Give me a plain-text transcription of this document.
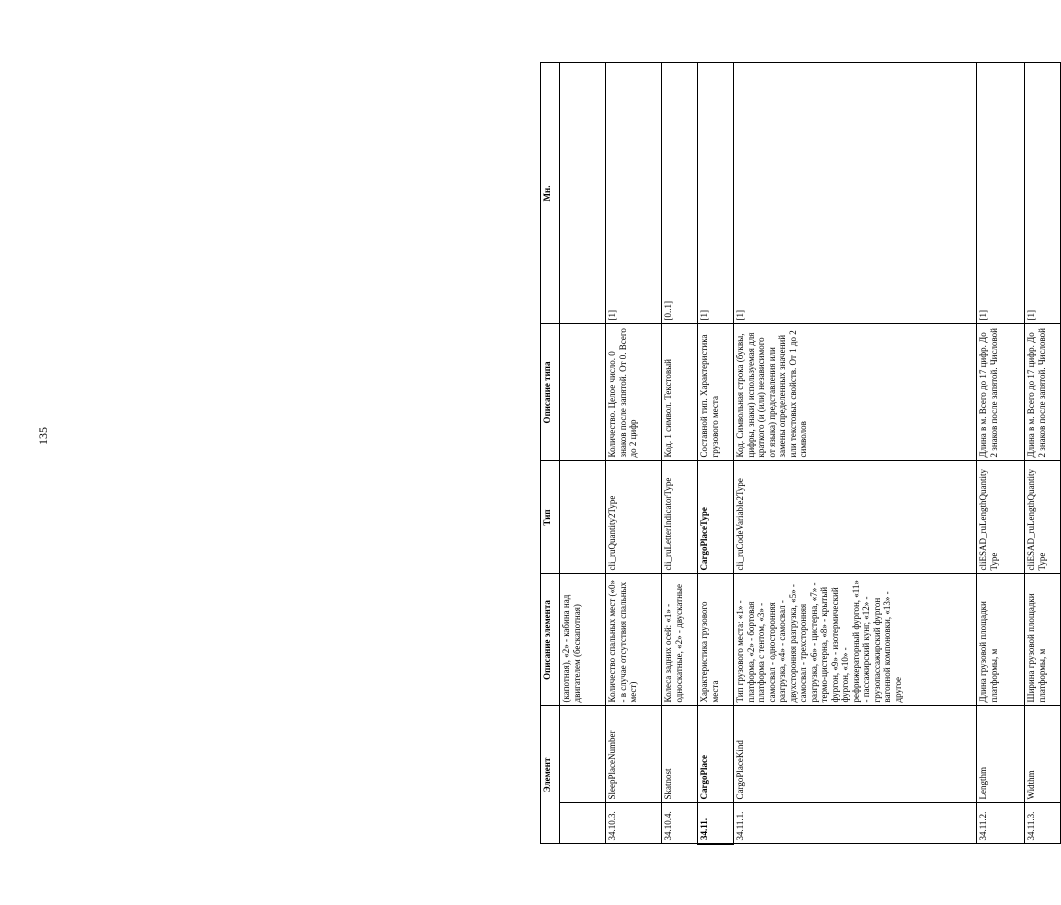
135
Элемент		Описание элемента	Тип	Описание типа	Мн.
		(капотная), «2» - кабина над двигателем (бескапотная)			
34.10.3.	SleepPlaceNumber	Количество спальных мест («0» - в случае отсутствия спальных мест)	cli_ruQuantity2Type	Количество. Целое число. 0 знаков после запятой. От 0. Всего до 2 цифр	[1]
34.10.4.	Skatnost	Колеса задних осей: «1» - односкатные, «2» - двускатные	cli_ruLetterIndicatorType	Код. 1 символ. Текстовый	[0..1]
34.11.	CargoPlace	Характеристика грузового места	CargoPlaceType	Составной тип. Характеристика грузового места	[1]
34.11.1.	CargoPlaceKind	Тип грузового места: «1» - платформа, «2» - бортовая платформа с тентом, «3» - самосвал - односторонняя разгрузка, «4» - самосвал - двухсторонняя разгрузка, «5» - самосвал - трехсторонняя разгрузка, «6» - цистерна, «7» - термо-цистерна, «8» - крытый фургон, «9» - изотермический фургон, «10» - рефрижераторный фургон, «11» - пассажирский кунг, «12» - грузопассажирский фургон вагонной компоновки, «13» - другое	cli_ruCodeVariable2Type	Код. Символьная строка (буквы, цифры, знаки) используемая для краткого (и (или) независимого от языка) представления или замены определенных значений или текстовых свойств. От 1 до 2 символов	[1]
34.11.2.	Lengthm	Длина грузовой площадки платформы, м	cliESAD_ruLengthQuantityType	Длина в м. Всего до 17 цифр. До 2 знаков после запятой. Числовой	[1]
34.11.3.	Widthm	Ширина грузовой площадки платформы, м	cliESAD_ruLengthQuantityType	Длина в м. Всего до 17 цифр. До 2 знаков после запятой. Числовой	[1]
